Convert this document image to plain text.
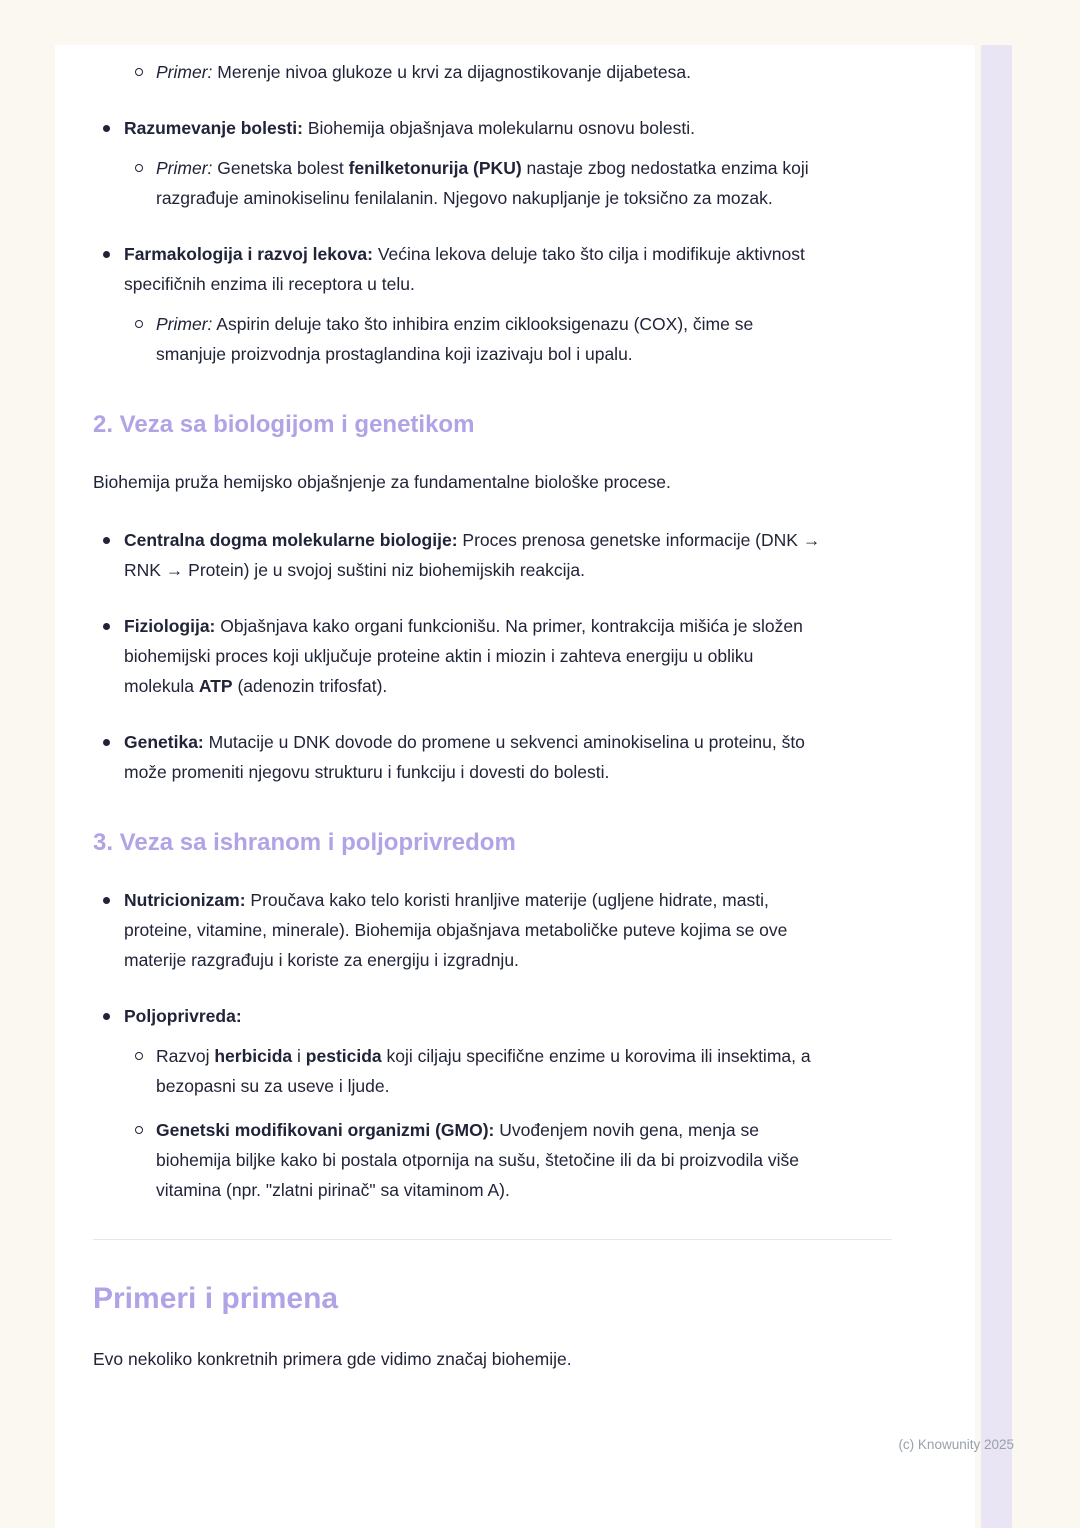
Primer: Merenje nivoa glukoze u krvi za dijagnostikovanje dijabetesa.

Razumevanje bolesti: Biohemija objašnjava molekularnu osnovu bolesti.

Primer: Genetska bolest fenilketonurija (PKU) nastaje zbog nedostatka enzima koji razgrađuje aminokiselinu fenilalanin. Njegovo nakupljanje je toksično za mozak.

Farmakologija i razvoj lekova: Većina lekova deluje tako što cilja i modifikuje aktivnost specifičnih enzima ili receptora u telu.

Primer: Aspirin deluje tako što inhibira enzim ciklooksigenazu (COX), čime se smanjuje proizvodnja prostaglandina koji izazivaju bol i upalu.

2. Veza sa biologijom i genetikom

Biohemija pruža hemijsko objašnjenje za fundamentalne biološke procese.

Centralna dogma molekularne biologije: Proces prenosa genetske informacije (DNK → RNK → Protein) je u svojoj suštini niz biohemijskih reakcija.

Fiziologija: Objašnjava kako organi funkcionišu. Na primer, kontrakcija mišića je složen biohemijski proces koji uključuje proteine aktin i miozin i zahteva energiju u obliku molekula ATP (adenozin trifosfat).

Genetika: Mutacije u DNK dovode do promene u sekvenci aminokiselina u proteinu, što može promeniti njegovu strukturu i funkciju i dovesti do bolesti.

3. Veza sa ishranom i poljoprivredom

Nutricionizam: Proučava kako telo koristi hranljive materije (ugljene hidrate, masti, proteine, vitamine, minerale). Biohemija objašnjava metaboličke puteve kojima se ove materije razgrađuju i koriste za energiju i izgradnju.

Poljoprivreda:

Razvoj herbicida i pesticida koji ciljaju specifične enzime u korovima ili insektima, a bezopasni su za useve i ljude.

Genetski modifikovani organizmi (GMO): Uvođenjem novih gena, menja se biohemija biljke kako bi postala otpornija na sušu, štetočine ili da bi proizvodila više vitamina (npr. "zlatni pirinač" sa vitaminom A).

Primeri i primena

Evo nekoliko konkretnih primera gde vidimo značaj biohemije.

(c) Knowunity 2025
